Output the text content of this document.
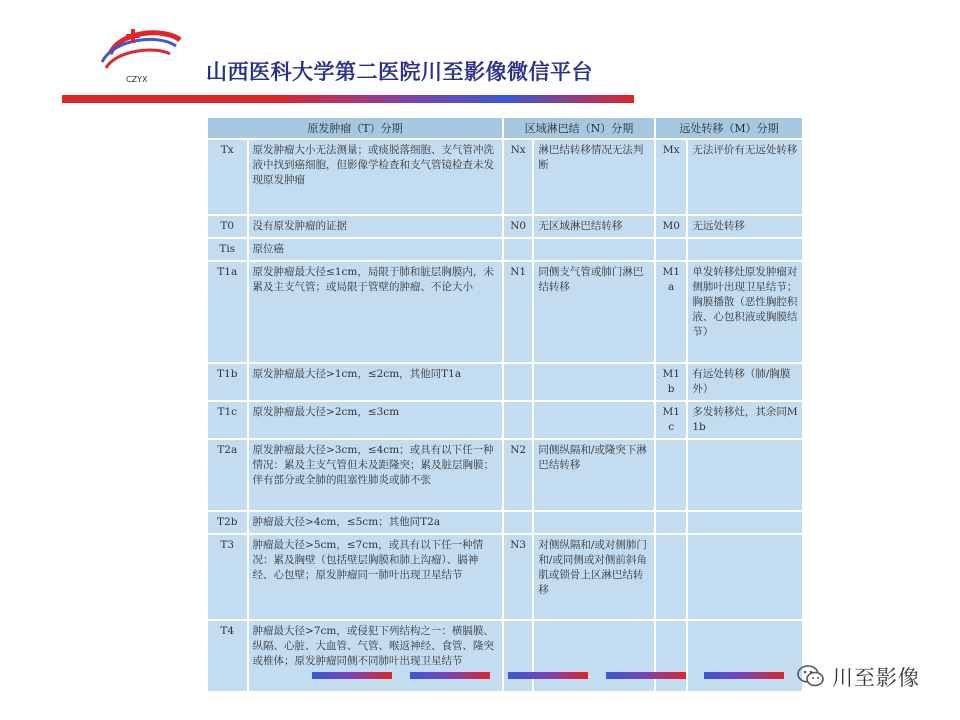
CZYX	山西医科大学第二医院川至影像微信平台
原发肿瘤（T）分期		区域淋巴结（N）分期		远处转移（M）分期	
Tx	原发肿瘤大小无法测量；或痰脱落细胞、支气管冲洗液中找到癌细胞，但影像学检查和支气管镜检查未发现原发肿瘤	Nx	淋巴结转移情况无法判断	Mx	无法评价有无远处转移
T0	没有原发肿瘤的证据	N0	无区域淋巴结转移	M0	无远处转移
Tis	原位癌				
T1a	原发肿瘤最大径≤1cm，局限于肺和脏层胸膜内，未累及主支气管；或局限于管壁的肿瘤、不论大小	N1	同侧支气管或肺门淋巴结转移	M1a	单发转移灶原发肿瘤对侧肺叶出现卫星结节；胸膜播散（恶性胸腔积液、心包积液或胸膜结节）
T1b	原发肿瘤最大径>1cm，≤2cm，其他同T1a			M1b	有远处转移（肺/胸膜外）
T1c	原发肿瘤最大径>2cm，≤3cm			M1c	多发转移灶，其余同M1b
T2a	原发肿瘤最大径>3cm，≤4cm；或具有以下任一种情况：累及主支气管但未及距隆突；累及脏层胸膜；伴有部分或全肺的阻塞性肺炎或肺不张	N2	同侧纵隔和/或隆突下淋巴结转移		
T2b	肿瘤最大径>4cm，≤5cm；其他同T2a				
T3	肿瘤最大径>5cm，≤7cm，或具有以下任一种情况：累及胸壁（包括壁层胸膜和肺上沟瘤）、膈神经、心包壁；原发肿瘤同一肺叶出现卫星结节	N3	对侧纵隔和/或对侧肺门和/或同侧或对侧前斜角肌或锁骨上区淋巴结转移		
T4	肿瘤最大径>7cm，或侵犯下列结构之一：横膈膜、纵隔、心脏、大血管、气管、喉返神经、食管、隆突或椎体；原发肿瘤同侧不同肺叶出现卫星结节				
川至影像
